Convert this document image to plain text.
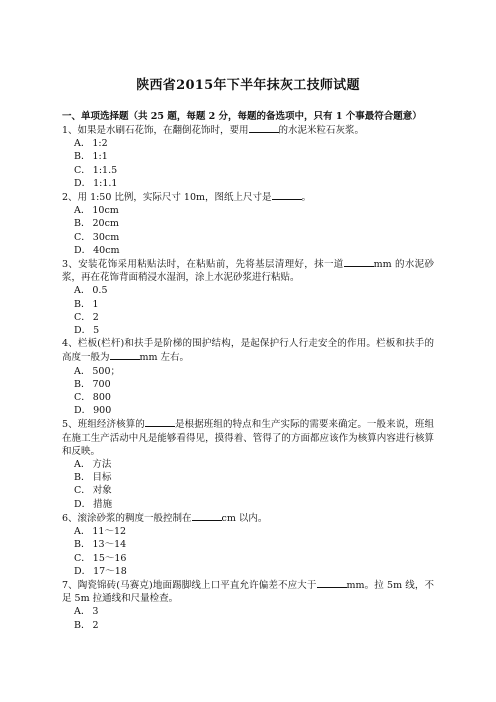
陕西省2015年下半年抹灰工技师试题
一、单项选择题（共 25 题，每题 2 分，每题的备选项中，只有 1 个事最符合题意）

1、如果是水刷石花饰，在翻倒花饰时，要用	的水泥米粒石灰浆。

A． 1:2
B． 1:1
C． 1:1.5
D． 1:1.1

2、用 1:50 比例，实际尺寸 10m，图纸上尺寸是	。

A． 10cm
B． 20cm
C． 30cm
D． 40cm

3、安装花饰采用粘贴法时，在粘贴前，先将基层清理好，抹一道	mm 的水泥砂浆，再在花饰背面稍浸水湿润，涂上水泥砂浆进行粘贴。

A． 0.5
B． 1
C． 2
D． 5

4、栏板(栏杆)和扶手是阶梯的围护结构，是起保护行人行走安全的作用。栏板和扶手的高度一般为	mm 左右。

A． 500；
B． 700
C． 800
D． 900

5、班组经济核算的	是根据班组的特点和生产实际的需要来确定。一般来说，班组在施工生产活动中凡是能够看得见，摸得着、管得了的方面都应该作为核算内容进行核算和反映。

A． 方法
B． 目标
C． 对象
D． 措施

6、滚涂砂浆的稠度一般控制在	cm 以内。

A． 11～12
B． 13～14
C． 15～16
D． 17～18

7、陶瓷锦砖(马赛克)地面踢脚线上口平直允许偏差不应大于	mm。拉 5m 线，不足 5m 拉通线和尺量检查。

A． 3
B． 2
